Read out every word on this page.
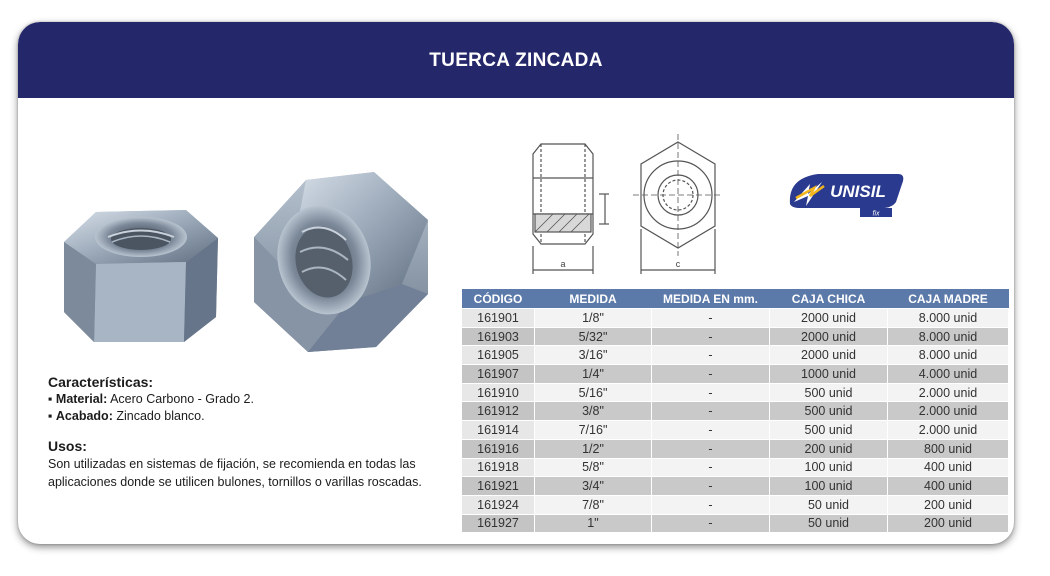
TUERCA ZINCADA
a	c
UNISIL
fix
Características:
▪ Material: Acero Carbono - Grado 2.
▪ Acabado: Zincado blanco.
Usos:
Son utilizadas en sistemas de fijación, se recomienda en todas las aplicaciones donde se utilicen bulones, tornillos o varillas roscadas.
CÓDIGO	MEDIDA	MEDIDA EN mm.	CAJA CHICA	CAJA MADRE
161901	1/8"	-	2000 unid	8.000 unid
161903	5/32"	-	2000 unid	8.000 unid
161905	3/16"	-	2000 unid	8.000 unid
161907	1/4"	-	1000 unid	4.000 unid
161910	5/16"	-	500 unid	2.000 unid
161912	3/8"	-	500 unid	2.000 unid
161914	7/16"	-	500 unid	2.000 unid
161916	1/2"	-	200 unid	800 unid
161918	5/8"	-	100 unid	400 unid
161921	3/4"	-	100 unid	400 unid
161924	7/8"	-	50 unid	200 unid
161927	1"	-	50 unid	200 unid
